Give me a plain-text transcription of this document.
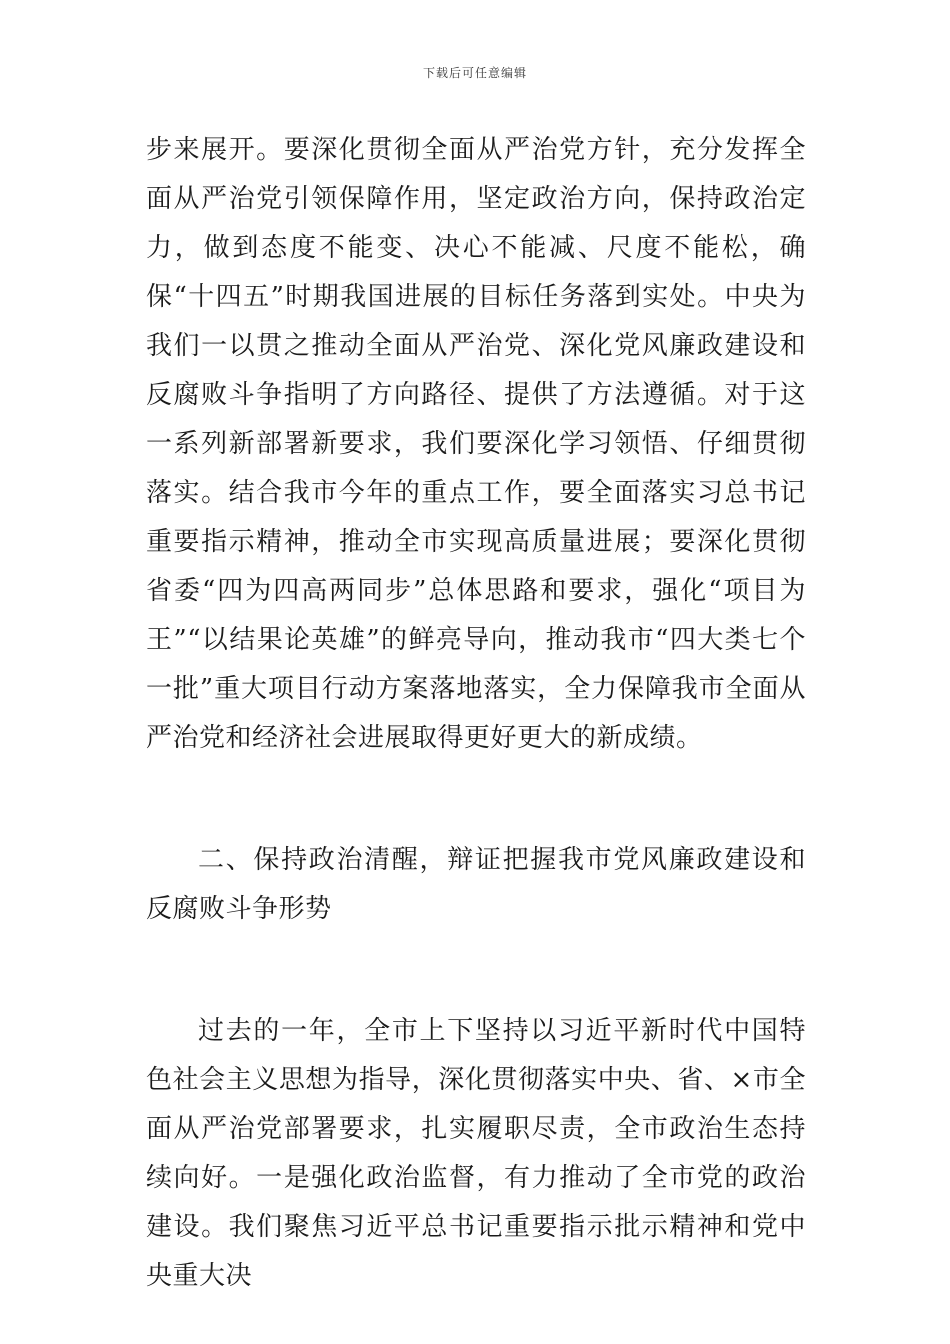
下载后可任意编辑

步来展开。要深化贯彻全面从严治党方针，充分发挥全面从严治党引领保障作用，坚定政治方向，保持政治定力，做到态度不能变、决心不能减、尺度不能松，确保“十四五”时期我国进展的目标任务落到实处。中央为我们一以贯之推动全面从严治党、深化党风廉政建设和反腐败斗争指明了方向路径、提供了方法遵循。对于这一系列新部署新要求，我们要深化学习领悟、仔细贯彻落实。结合我市今年的重点工作，要全面落实习总书记重要指示精神，推动全市实现高质量进展；要深化贯彻省委“四为四高两同步”总体思路和要求，强化“项目为王”“以结果论英雄”的鲜亮导向，推动我市“四大类七个一批”重大项目行动方案落地落实，全力保障我市全面从严治党和经济社会进展取得更好更大的新成绩。

二、保持政治清醒，辩证把握我市党风廉政建设和反腐败斗争形势

过去的一年，全市上下坚持以习近平新时代中国特色社会主义思想为指导，深化贯彻落实中央、省、×市全面从严治党部署要求，扎实履职尽责，全市政治生态持续向好。一是强化政治监督，有力推动了全市党的政治建设。我们聚焦习近平总书记重要指示批示精神和党中央重大决
